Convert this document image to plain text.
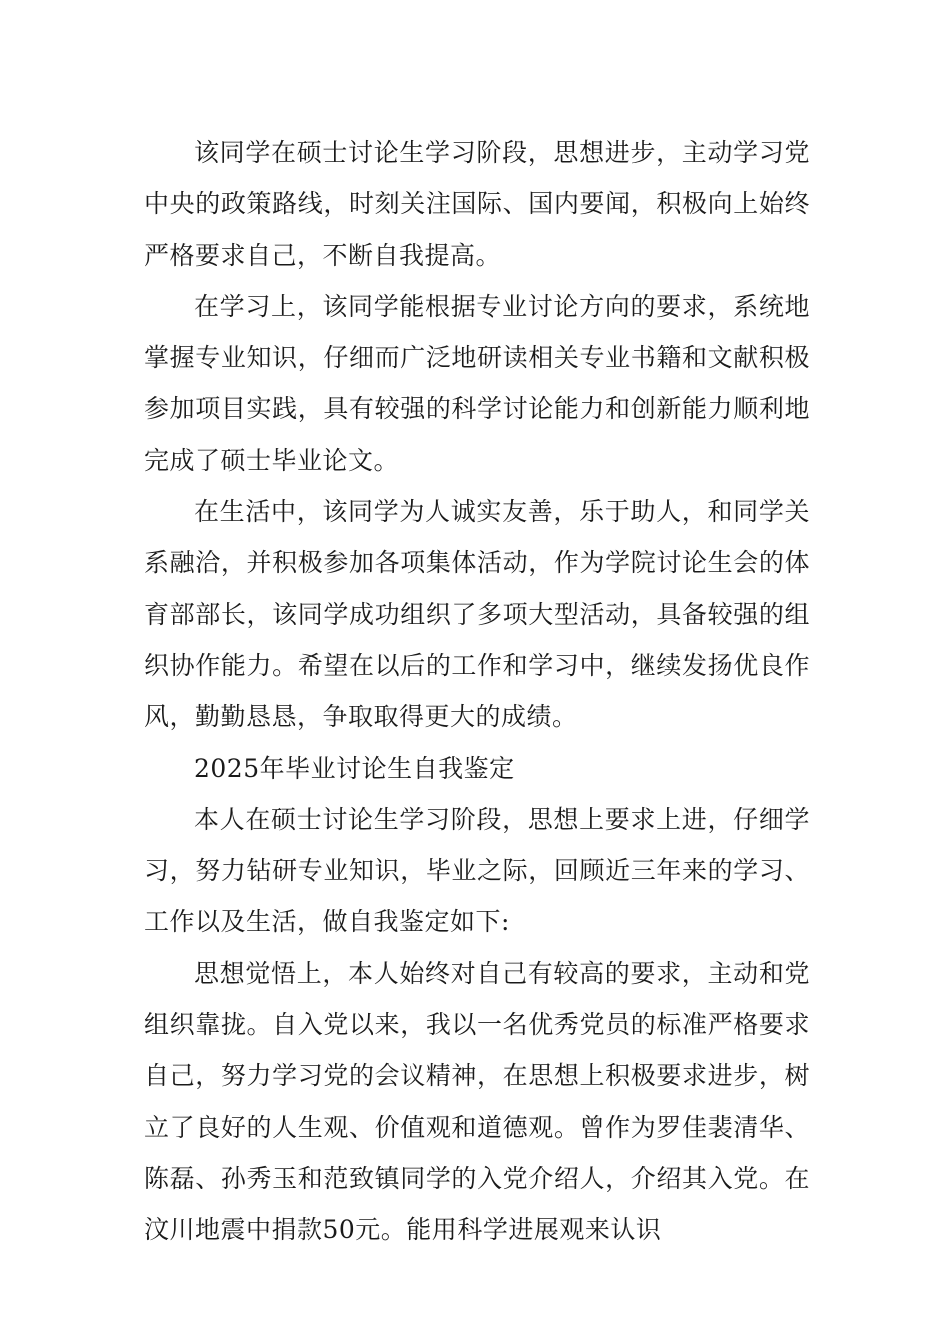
该同学在硕士讨论生学习阶段，思想进步，主动学习党中央的政策路线，时刻关注国际、国内要闻，积极向上始终严格要求自己，不断自我提高。

在学习上，该同学能根据专业讨论方向的要求，系统地掌握专业知识，仔细而广泛地研读相关专业书籍和文献积极参加项目实践，具有较强的科学讨论能力和创新能力顺利地完成了硕士毕业论文。

在生活中，该同学为人诚实友善，乐于助人，和同学关系融洽，并积极参加各项集体活动，作为学院讨论生会的体育部部长，该同学成功组织了多项大型活动，具备较强的组织协作能力。希望在以后的工作和学习中，继续发扬优良作风，勤勤恳恳，争取取得更大的成绩。

2025年毕业讨论生自我鉴定

本人在硕士讨论生学习阶段，思想上要求上进，仔细学习，努力钻研专业知识，毕业之际，回顾近三年来的学习、工作以及生活，做自我鉴定如下:

思想觉悟上，本人始终对自己有较高的要求，主动和党组织靠拢。自入党以来，我以一名优秀党员的标准严格要求自己，努力学习党的会议精神，在思想上积极要求进步，树立了良好的人生观、价值观和道德观。曾作为罗佳裴清华、陈磊、孙秀玉和范致镇同学的入党介绍人，介绍其入党。在汶川地震中捐款50元。能用科学进展观来认识
